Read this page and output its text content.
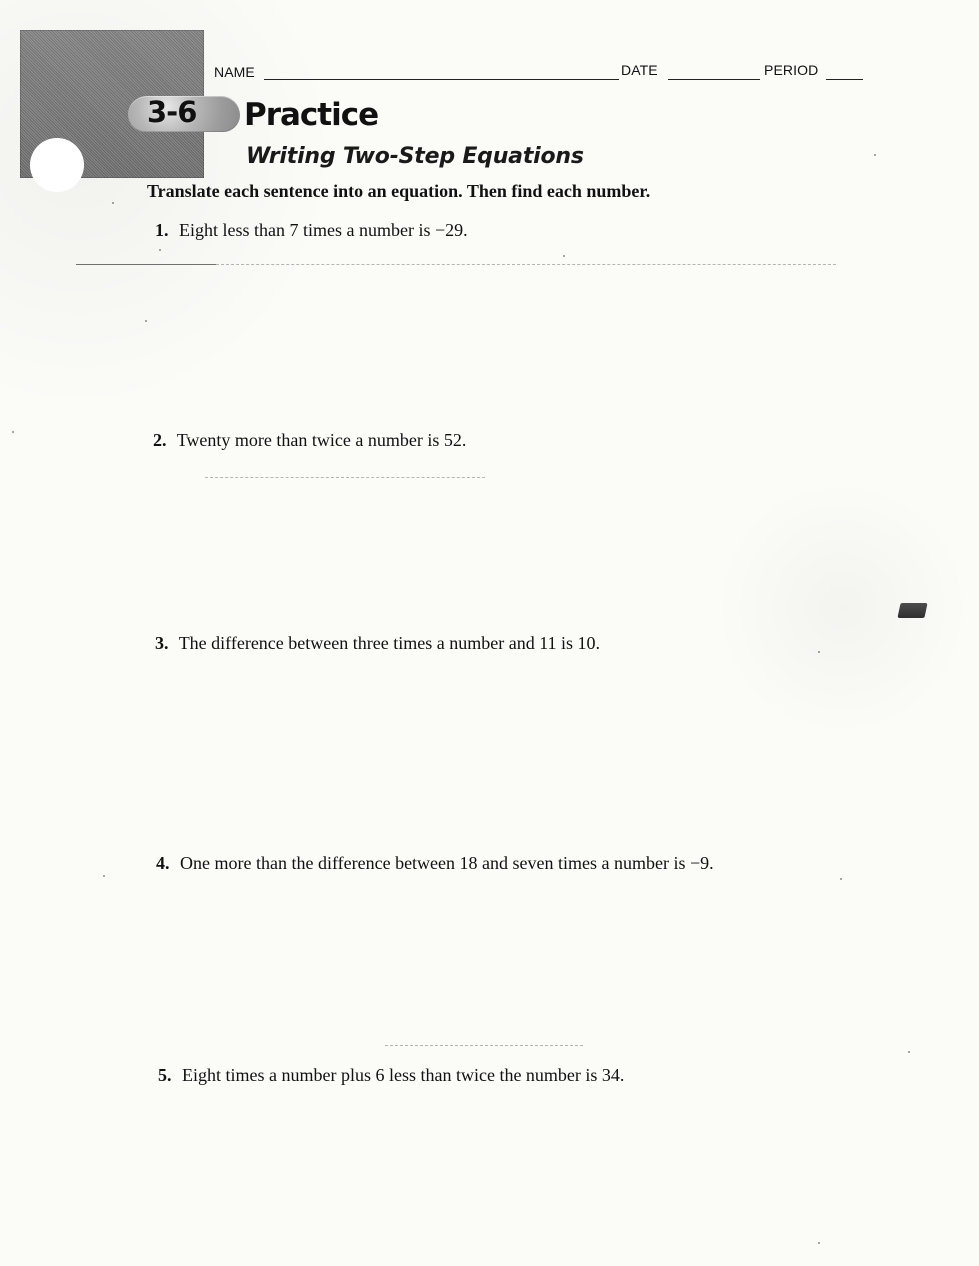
3-6 Practice
Writing Two-Step Equations
NAME	DATE	PERIOD
Translate each sentence into an equation. Then find each number.
1. Eight less than 7 times a number is −29.
2. Twenty more than twice a number is 52.
3. The difference between three times a number and 11 is 10.
4. One more than the difference between 18 and seven times a number is −9.
5. Eight times a number plus 6 less than twice the number is 34.
